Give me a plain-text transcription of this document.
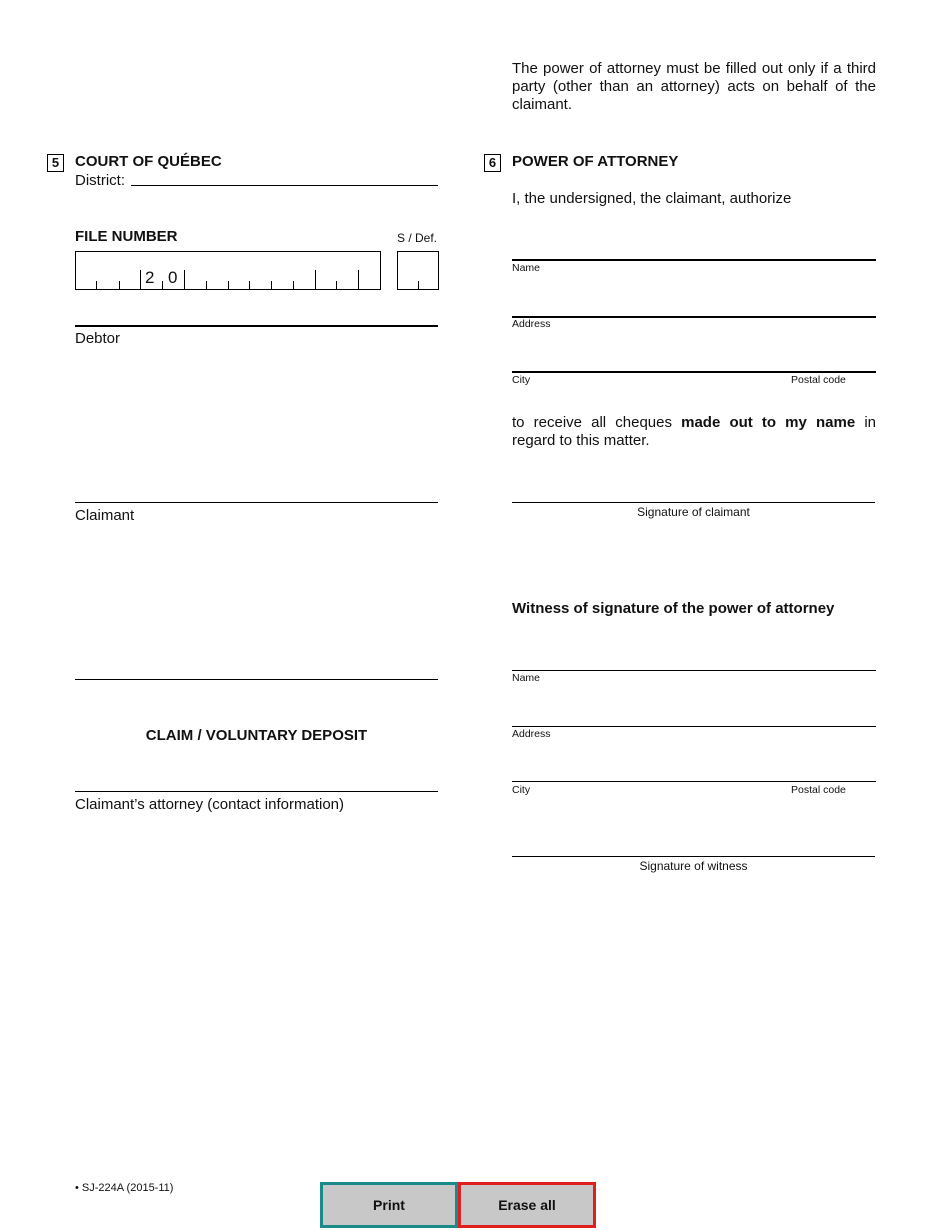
The power of attorney must be filled out only if a third party (other than an attorney) acts on behalf of the claimant.
5	COURT OF QUÉBEC
District:
FILE NUMBER	S / Def.
2 0
Debtor
Claimant
CLAIM / VOLUNTARY DEPOSIT
Claimant’s attorney (contact information)
6	POWER OF ATTORNEY
I, the undersigned, the claimant, authorize
Name
Address
City	Postal code
to receive all cheques made out to my name in regard to this matter.
Signature of claimant
Witness of signature of the power of attorney
Name
Address
City	Postal code
Signature of witness
• SJ-224A (2015-11)
Print	Erase all
